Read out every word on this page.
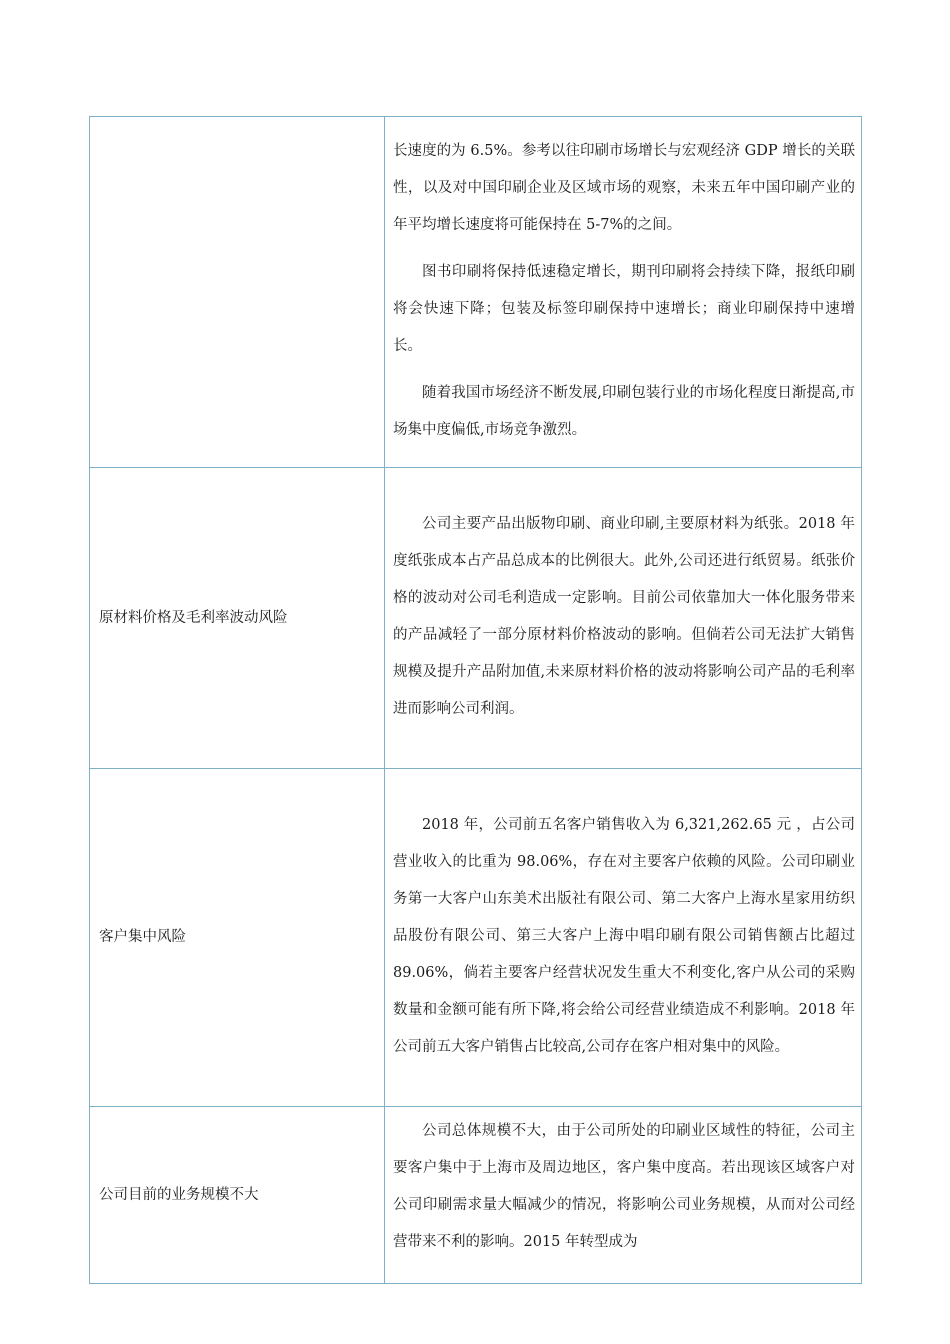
	长速度的为 6.5%。参考以往印刷市场增长与宏观经济 GDP 增长的关联性，以及对中国印刷企业及区域市场的观察，未来五年中国印刷产业的年平均增长速度将可能保持在 5-7%的之间。

图书印刷将保持低速稳定增长，期刊印刷将会持续下降，报纸印刷将会快速下降；包装及标签印刷保持中速增长；商业印刷保持中速增长。

随着我国市场经济不断发展,印刷包装行业的市场化程度日渐提高,市场集中度偏低,市场竞争激烈。

原材料价格及毛利率波动风险	公司主要产品出版物印刷、商业印刷,主要原材料为纸张。2018 年度纸张成本占产品总成本的比例很大。此外,公司还进行纸贸易。纸张价格的波动对公司毛利造成一定影响。目前公司依靠加大一体化服务带来的产品减轻了一部分原材料价格波动的影响。但倘若公司无法扩大销售规模及提升产品附加值,未来原材料价格的波动将影响公司产品的毛利率进而影响公司利润。

客户集中风险	2018 年，公司前五名客户销售收入为 6,321,262.65 元 ，占公司营业收入的比重为 98.06%，存在对主要客户依赖的风险。公司印刷业务第一大客户山东美术出版社有限公司、第二大客户上海水星家用纺织品股份有限公司、第三大客户上海中唱印刷有限公司销售额占比超过 89.06%，倘若主要客户经营状况发生重大不利变化,客户从公司的采购数量和金额可能有所下降,将会给公司经营业绩造成不利影响。2018 年公司前五大客户销售占比较高,公司存在客户相对集中的风险。

公司目前的业务规模不大	公司总体规模不大，由于公司所处的印刷业区域性的特征，公司主要客户集中于上海市及周边地区，客户集中度高。若出现该区域客户对公司印刷需求量大幅减少的情况，将影响公司业务规模，从而对公司经营带来不利的影响。2015 年转型成为
